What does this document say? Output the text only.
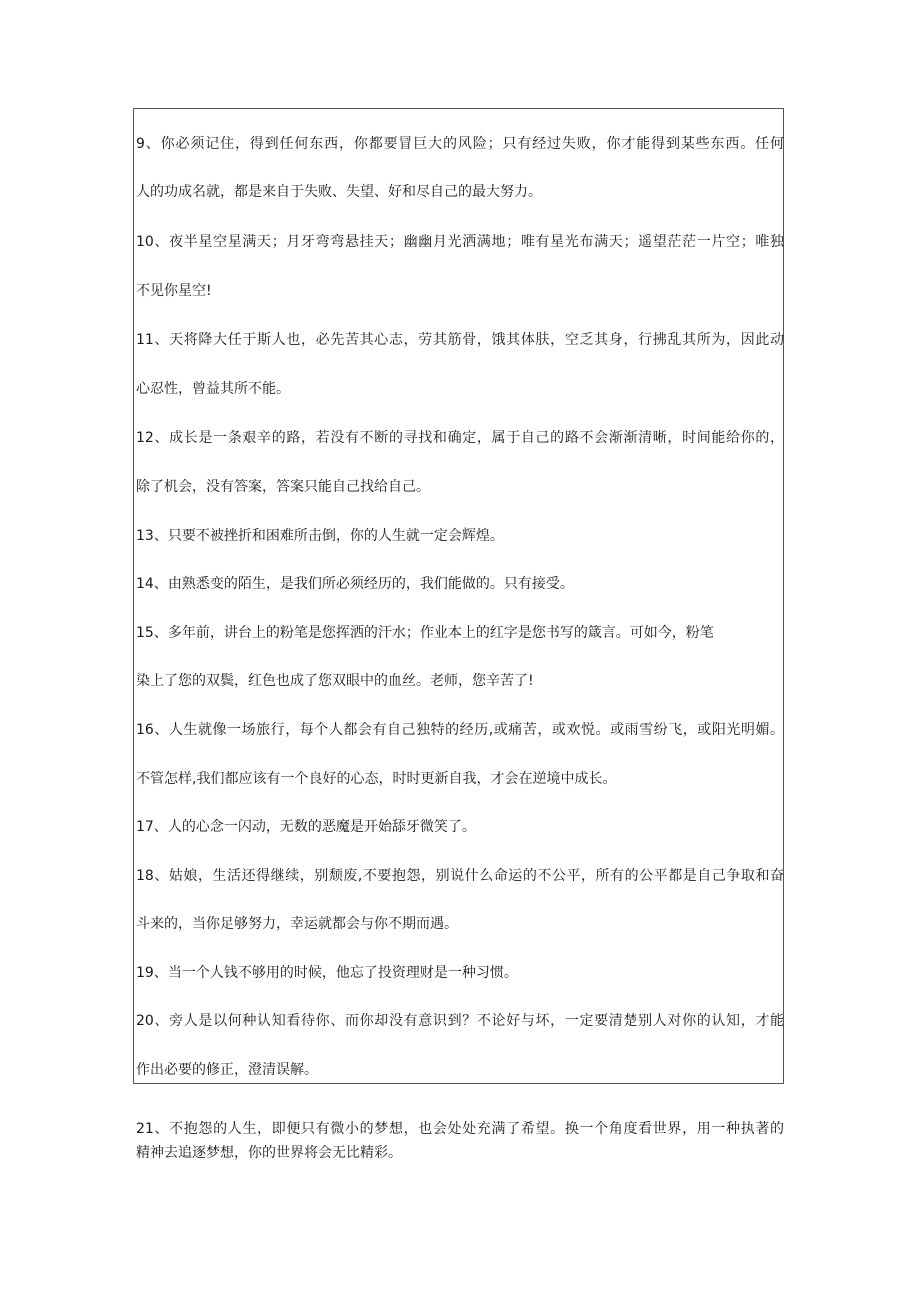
9、你必须记住，得到任何东西，你都要冒巨大的风险；只有经过失败，你才能得到某些东西。任何
人的功成名就，都是来自于失败、失望、好和尽自己的最大努力。
10、夜半星空星满天；月牙弯弯悬挂天；幽幽月光洒满地；唯有星光布满天；遥望茫茫一片空；唯独
不见你星空!
11、天将降大任于斯人也，必先苦其心志，劳其筋骨，饿其体肤，空乏其身，行拂乱其所为，因此动
心忍性，曾益其所不能。
12、成长是一条艰辛的路，若没有不断的寻找和确定，属于自己的路不会渐渐清晰，时间能给你的，
除了机会，没有答案，答案只能自己找给自己。
13、只要不被挫折和困难所击倒，你的人生就一定会辉煌。
14、由熟悉变的陌生，是我们所必须经历的，我们能做的。只有接受。
15、多年前，讲台上的粉笔是您挥洒的汗水；作业本上的红字是您书写的箴言。可如今，粉笔
染上了您的双鬓，红色也成了您双眼中的血丝。老师，您辛苦了!
16、人生就像一场旅行，每个人都会有自己独特的经历,或痛苦，或欢悦。或雨雪纷飞，或阳光明媚。
不管怎样,我们都应该有一个良好的心态，时时更新自我，才会在逆境中成长。
17、人的心念一闪动，无数的恶魔是开始舔牙微笑了。
18、姑娘，生活还得继续，别颓废,不要抱怨，别说什么命运的不公平，所有的公平都是自己争取和奋
斗来的，当你足够努力，幸运就都会与你不期而遇。
19、当一个人钱不够用的时候，他忘了投资理财是一种习惯。
20、旁人是以何种认知看待你、而你却没有意识到？不论好与坏，一定要清楚别人对你的认知，才能
作出必要的修正，澄清误解。
21、不抱怨的人生，即便只有微小的梦想，也会处处充满了希望。换一个角度看世界，用一种执著的
精神去追逐梦想，你的世界将会无比精彩。
